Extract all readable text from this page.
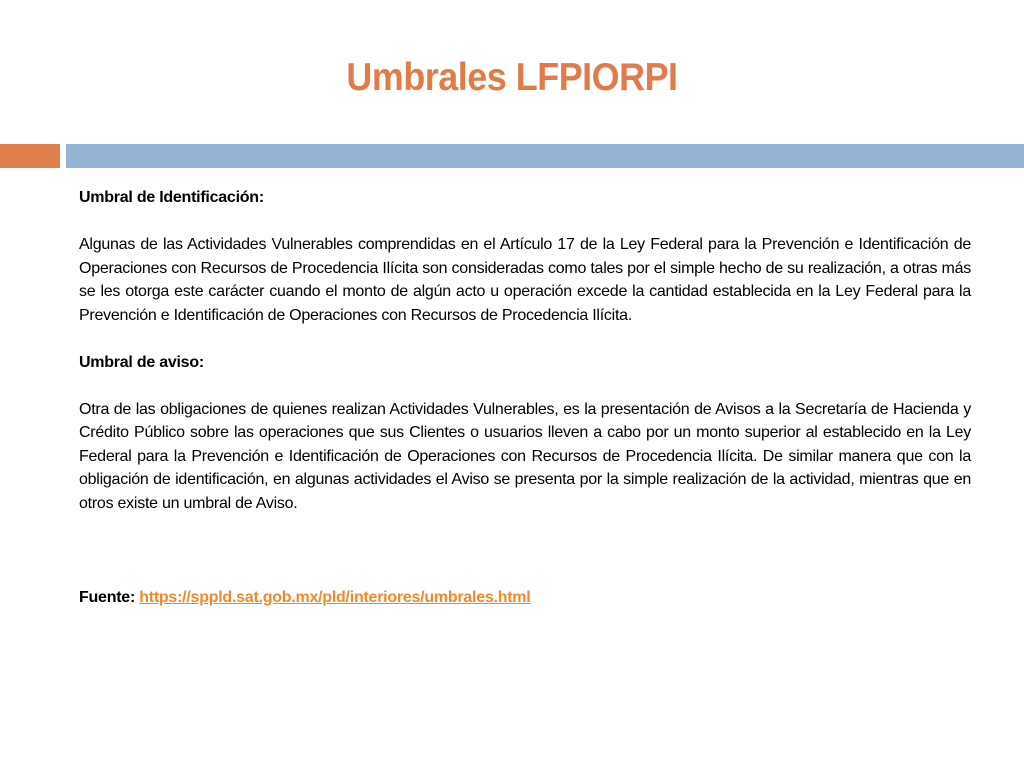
Umbrales LFPIORPI

Umbral de Identificación:

Algunas de las Actividades Vulnerables comprendidas en el Artículo 17 de la Ley Federal para la Prevención e Identificación de Operaciones con Recursos de Procedencia Ilícita son consideradas como tales por el simple hecho de su realización, a otras más se les otorga este carácter cuando el monto de algún acto u operación excede la cantidad establecida en la Ley Federal para la Prevención e Identificación de Operaciones con Recursos de Procedencia Ilícita.

Umbral de aviso:

Otra de las obligaciones de quienes realizan Actividades Vulnerables, es la presentación de Avisos a la Secretaría de Hacienda y Crédito Público sobre las operaciones que sus Clientes o usuarios lleven a cabo por un monto superior al establecido en la Ley Federal para la Prevención e Identificación de Operaciones con Recursos de Procedencia Ilícita. De similar manera que con la obligación de identificación, en algunas actividades el Aviso se presenta por la simple realización de la actividad, mientras que en otros existe un umbral de Aviso.

Fuente: https://sppld.sat.gob.mx/pld/interiores/umbrales.html
